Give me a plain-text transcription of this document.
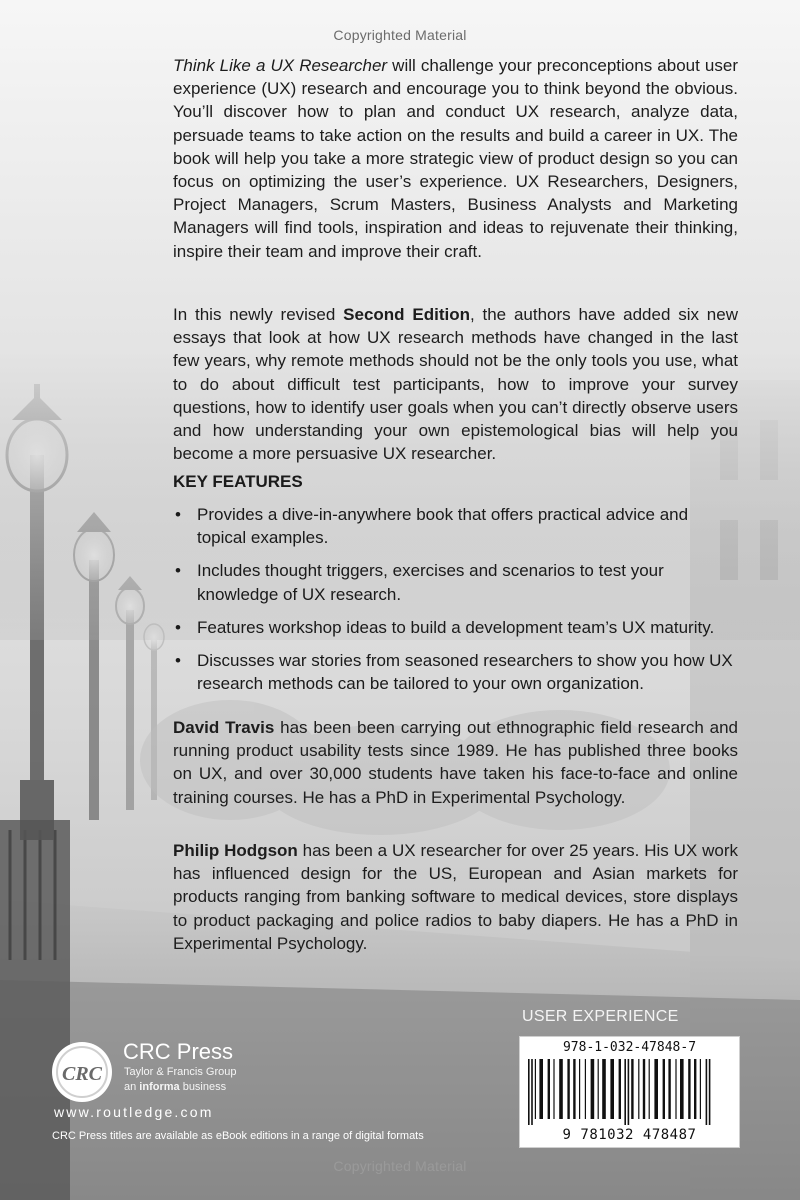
Copyrighted Material

Think Like a UX Researcher will challenge your preconceptions about user experience (UX) research and encourage you to think beyond the obvious. You’ll discover how to plan and conduct UX research, analyze data, persuade teams to take action on the results and build a career in UX. The book will help you take a more strategic view of product design so you can focus on optimizing the user’s experience. UX Researchers, Designers, Project Managers, Scrum Masters, Business Analysts and Marketing Managers will find tools, inspiration and ideas to rejuvenate their thinking, inspire their team and improve their craft.

In this newly revised Second Edition, the authors have added six new essays that look at how UX research methods have changed in the last few years, why remote methods should not be the only tools you use, what to do about difficult test participants, how to improve your survey questions, how to identify user goals when you can’t directly observe users and how understanding your own epistemological bias will help you become a more persuasive UX researcher.

KEY FEATURES
• Provides a dive-in-anywhere book that offers practical advice and topical examples.
• Includes thought triggers, exercises and scenarios to test your knowledge of UX research.
• Features workshop ideas to build a development team’s UX maturity.
• Discusses war stories from seasoned researchers to show you how UX research methods can be tailored to your own organization.

David Travis has been been carrying out ethnographic field research and running product usability tests since 1989. He has published three books on UX, and over 30,000 students have taken his face-to-face and online training courses. He has a PhD in Experimental Psychology.

Philip Hodgson has been a UX researcher for over 25 years. His UX work has influenced design for the US, European and Asian markets for products ranging from banking software to medical devices, store displays to product packaging and police radios to baby diapers. He has a PhD in Experimental Psychology.

USER EXPERIENCE
978-1-032-47848-7
9 781032 478487
CRC
CRC Press
Taylor & Francis Group
an informa business
www.routledge.com
CRC Press titles are available as eBook editions in a range of digital formats
Copyrighted Material
